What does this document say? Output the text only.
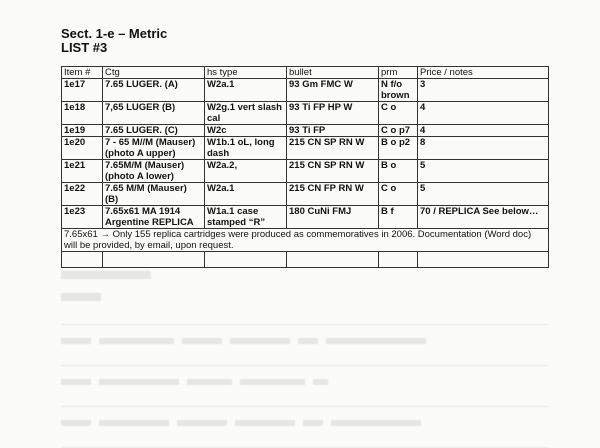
Sect. 1-e – Metric
LIST #3
Item #	Ctg	hs type	bullet	prm	Price / notes
1e17	7.65 LUGER. (A)	W2a.1	93 Gm FMC W	N f/o brown	3
1e18	7,65 LUGER (B)	W2g.1 vert slash cal	93 Ti FP HP W	C o	4
1e19	7.65 LUGER. (C)	W2c	93 Ti FP	C o p7	4
1e20	7 - 65 M//M (Mauser) (photo A upper)	W1b.1 oL, long dash	215 CN SP RN W	B o p2	8
1e21	7.65M/M (Mauser) (photo A lower)	W2a.2,	215 CN SP RN W	B o	5
1e22	7.65 M/M (Mauser) (B)	W2a.1	215 CN FP RN W	C o	5
1e23	7.65x61 MA 1914 Argentine REPLICA	W1a.1 case stamped “R”	180 CuNi FMJ	B f	70 / REPLICA See below…
7.65x61 → Only 155 replica cartridges were produced as commemoratives in 2006. Documentation (Word doc) will be provided, by email, upon request.					
